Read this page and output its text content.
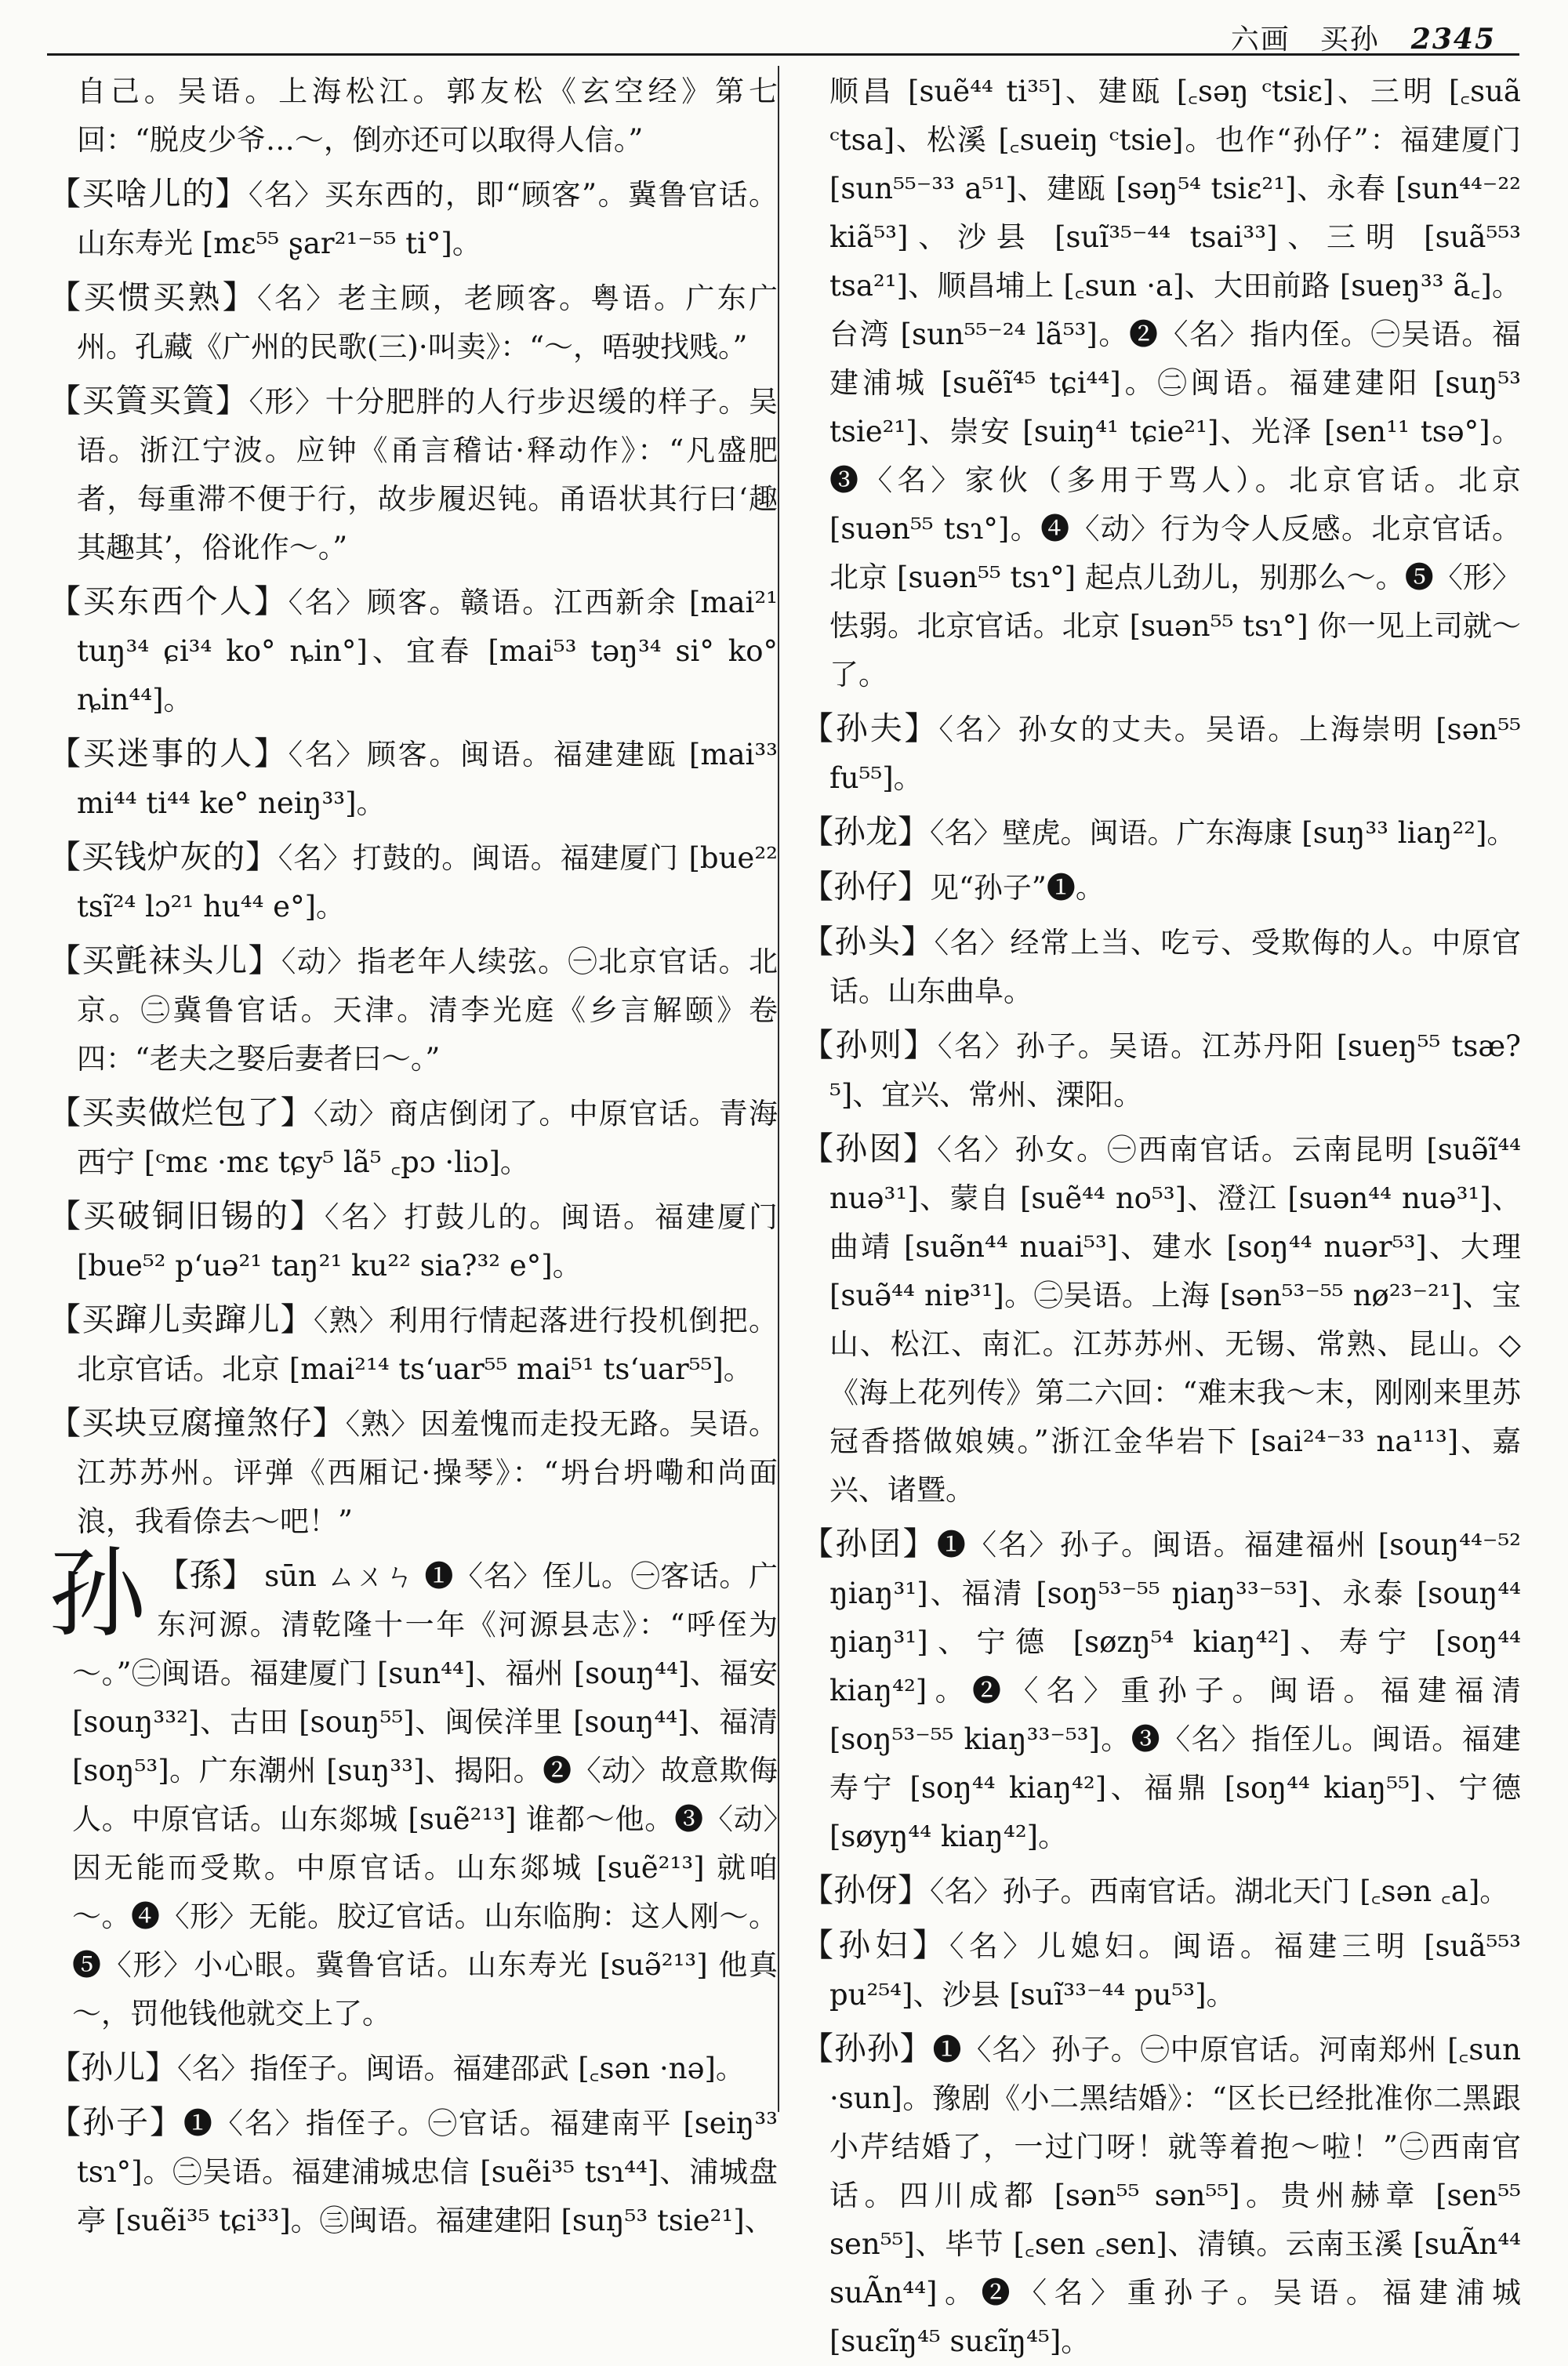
六画　买孙 2345
自己。吴语。上海松江。郭友松《玄空经》第七回：“脱皮少爷…～，倒亦还可以取得人信。”
【买啥儿的】〈名〉买东西的，即“顾客”。冀鲁官话。山东寿光 [mɛ⁵⁵ ʂar²¹⁻⁵⁵ ti°]。
【买惯买熟】〈名〉老主顾，老顾客。粤语。广东广州。孔藏《广州的民歌(三)·叫卖》：“～，唔驶找贱。”
【买篢买篢】〈形〉十分肥胖的人行步迟缓的样子。吴语。浙江宁波。应钟《甬言稽诂·释动作》：“凡盛肥者，每重滞不便于行，故步履迟钝。甬语状其行曰‘趣其趣其’，俗讹作～。”
【买东西个人】〈名〉顾客。赣语。江西新余 [mai²¹ tuŋ³⁴ ɕi³⁴ ko° ȵin°]、宜春 [mai⁵³ təŋ³⁴ si° ko° ȵin⁴⁴]。
【买迷事的人】〈名〉顾客。闽语。福建建瓯 [mai³³ mi⁴⁴ ti⁴⁴ ke° neiŋ³³]。
【买钱炉灰的】〈名〉打鼓的。闽语。福建厦门 [bue²² tsĩ²⁴ lɔ²¹ hu⁴⁴ e°]。
【买氈袜头儿】〈动〉指老年人续弦。㊀北京官话。北京。㊁冀鲁官话。天津。清李光庭《乡言解颐》卷四：“老夫之娶后妻者曰～。”
【买卖做烂包了】〈动〉商店倒闭了。中原官话。青海西宁 [ᶜmɛ ·mɛ tɕy⁵ lã⁵ ꜀pɔ ·liɔ]。
【买破铜旧锡的】〈名〉打鼓儿的。闽语。福建厦门 [bue⁵² pʻuə²¹ taŋ²¹ ku²² sia?³² e°]。
【买蹿儿卖蹿儿】〈熟〉利用行情起落进行投机倒把。北京官话。北京 [mai²¹⁴ tsʻuar⁵⁵ mai⁵¹ tsʻuar⁵⁵]。
【买块豆腐撞煞仔】〈熟〉因羞愧而走投无路。吴语。江苏苏州。评弹《西厢记·操琴》：“坍台坍嘞和尚面浪，我看倷去～吧！”
孙 【孫】 sūn ㄙㄨㄣ ❶〈名〉侄儿。㊀客话。广东河源。清乾隆十一年《河源县志》：“呼侄为～。”㊁闽语。福建厦门 [sun⁴⁴]、福州 [souŋ⁴⁴]、福安 [souŋ³³²]、古田 [souŋ⁵⁵]、闽侯洋里 [souŋ⁴⁴]、福清 [soŋ⁵³]。广东潮州 [suŋ³³]、揭阳。❷〈动〉故意欺侮人。中原官话。山东郯城 [suẽ²¹³] 谁都～他。❸〈动〉因无能而受欺。中原官话。山东郯城 [suẽ²¹³] 就咱～。❹〈形〉无能。胶辽官话。山东临朐：这人刚～。❺〈形〉小心眼。冀鲁官话。山东寿光 [suə̃²¹³] 他真～，罚他钱他就交上了。
【孙儿】〈名〉指侄子。闽语。福建邵武 [꜀sən ·nə]。
【孙子】❶〈名〉指侄子。㊀官话。福建南平 [seiŋ³³ tsɿ°]。㊁吴语。福建浦城忠信 [suẽi³⁵ tsɿ⁴⁴]、浦城盘亭 [suẽi³⁵ tɕi³³]。㊂闽语。福建建阳 [suŋ⁵³ tsie²¹]、
顺昌 [suẽ⁴⁴ ti³⁵]、建瓯 [꜀səŋ ᶜtsiɛ]、三明 [꜀suã ᶜtsa]、松溪 [꜀sueiŋ ᶜtsie]。也作“孙仔”：福建厦门 [sun⁵⁵⁻³³ a⁵¹]、建瓯 [səŋ⁵⁴ tsiɛ²¹]、永春 [sun⁴⁴⁻²² kiã⁵³]、沙县 [suĩ³⁵⁻⁴⁴ tsai³³]、三明 [suã⁵⁵³ tsa²¹]、顺昌埔上 [꜀sun ·a]、大田前路 [sueŋ³³ ã꜀]。台湾 [sun⁵⁵⁻²⁴ lã⁵³]。❷〈名〉指内侄。㊀吴语。福建浦城 [suẽĩ⁴⁵ tɕi⁴⁴]。㊁闽语。福建建阳 [suŋ⁵³ tsie²¹]、崇安 [suiŋ⁴¹ tɕie²¹]、光泽 [sen¹¹ tsə°]。❸〈名〉家伙（多用于骂人）。北京官话。北京 [suən⁵⁵ tsɿ°]。❹〈动〉行为令人反感。北京官话。北京 [suən⁵⁵ tsɿ°] 起点儿劲儿，别那么～。❺〈形〉怯弱。北京官话。北京 [suən⁵⁵ tsɿ°] 你一见上司就～了。
【孙夫】〈名〉孙女的丈夫。吴语。上海崇明 [sən⁵⁵ fu⁵⁵]。
【孙龙】〈名〉壁虎。闽语。广东海康 [suŋ³³ liaŋ²²]。
【孙仔】见“孙子”❶。
【孙头】〈名〉经常上当、吃亏、受欺侮的人。中原官话。山东曲阜。
【孙则】〈名〉孙子。吴语。江苏丹阳 [sueŋ⁵⁵ tsæ?⁵]、宜兴、常州、溧阳。
【孙囡】〈名〉孙女。㊀西南官话。云南昆明 [suə̃ĩ⁴⁴ nuə³¹]、蒙自 [suẽ⁴⁴ no⁵³]、澄江 [suən⁴⁴ nuə³¹]、曲靖 [suə̃n⁴⁴ nuai⁵³]、建水 [soŋ⁴⁴ nuər⁵³]、大理 [suə̃⁴⁴ niɐ³¹]。㊁吴语。上海 [sən⁵³⁻⁵⁵ nø²³⁻²¹]、宝山、松江、南汇。江苏苏州、无锡、常熟、昆山。◇《海上花列传》第二六回：“难末我～末，刚刚来里苏冠香搭做娘姨。”浙江金华岩下 [sai²⁴⁻³³ na¹¹³]、嘉兴、诸暨。
【孙囝】❶〈名〉孙子。闽语。福建福州 [souŋ⁴⁴⁻⁵² ŋiaŋ³¹]、福清 [soŋ⁵³⁻⁵⁵ ŋiaŋ³³⁻⁵³]、永泰 [souŋ⁴⁴ ŋiaŋ³¹]、宁德 [søzŋ⁵⁴ kiaŋ⁴²]、寿宁 [soŋ⁴⁴ kiaŋ⁴²]。❷〈名〉重孙子。闽语。福建福清 [soŋ⁵³⁻⁵⁵ kiaŋ³³⁻⁵³]。❸〈名〉指侄儿。闽语。福建寿宁 [soŋ⁴⁴ kiaŋ⁴²]、福鼎 [soŋ⁴⁴ kiaŋ⁵⁵]、宁德 [søyŋ⁴⁴ kiaŋ⁴²]。
【孙伢】〈名〉孙子。西南官话。湖北天门 [꜀sən ꜀a]。
【孙妇】〈名〉儿媳妇。闽语。福建三明 [suã⁵⁵³ pu²⁵⁴]、沙县 [suĩ³³⁻⁴⁴ pu⁵³]。
【孙孙】❶〈名〉孙子。㊀中原官话。河南郑州 [꜀sun ·sun]。豫剧《小二黑结婚》：“区长已经批准你二黑跟小芹结婚了，一过门呀！就等着抱～啦！”㊁西南官话。四川成都 [sən⁵⁵ sən⁵⁵]。贵州赫章 [sen⁵⁵ sen⁵⁵]、毕节 [꜀sen ꜀sen]、清镇。云南玉溪 [suÃn⁴⁴ suÃn⁴⁴]。❷〈名〉重孙子。吴语。福建浦城 [suɛĩŋ⁴⁵ suɛĩŋ⁴⁵]。
